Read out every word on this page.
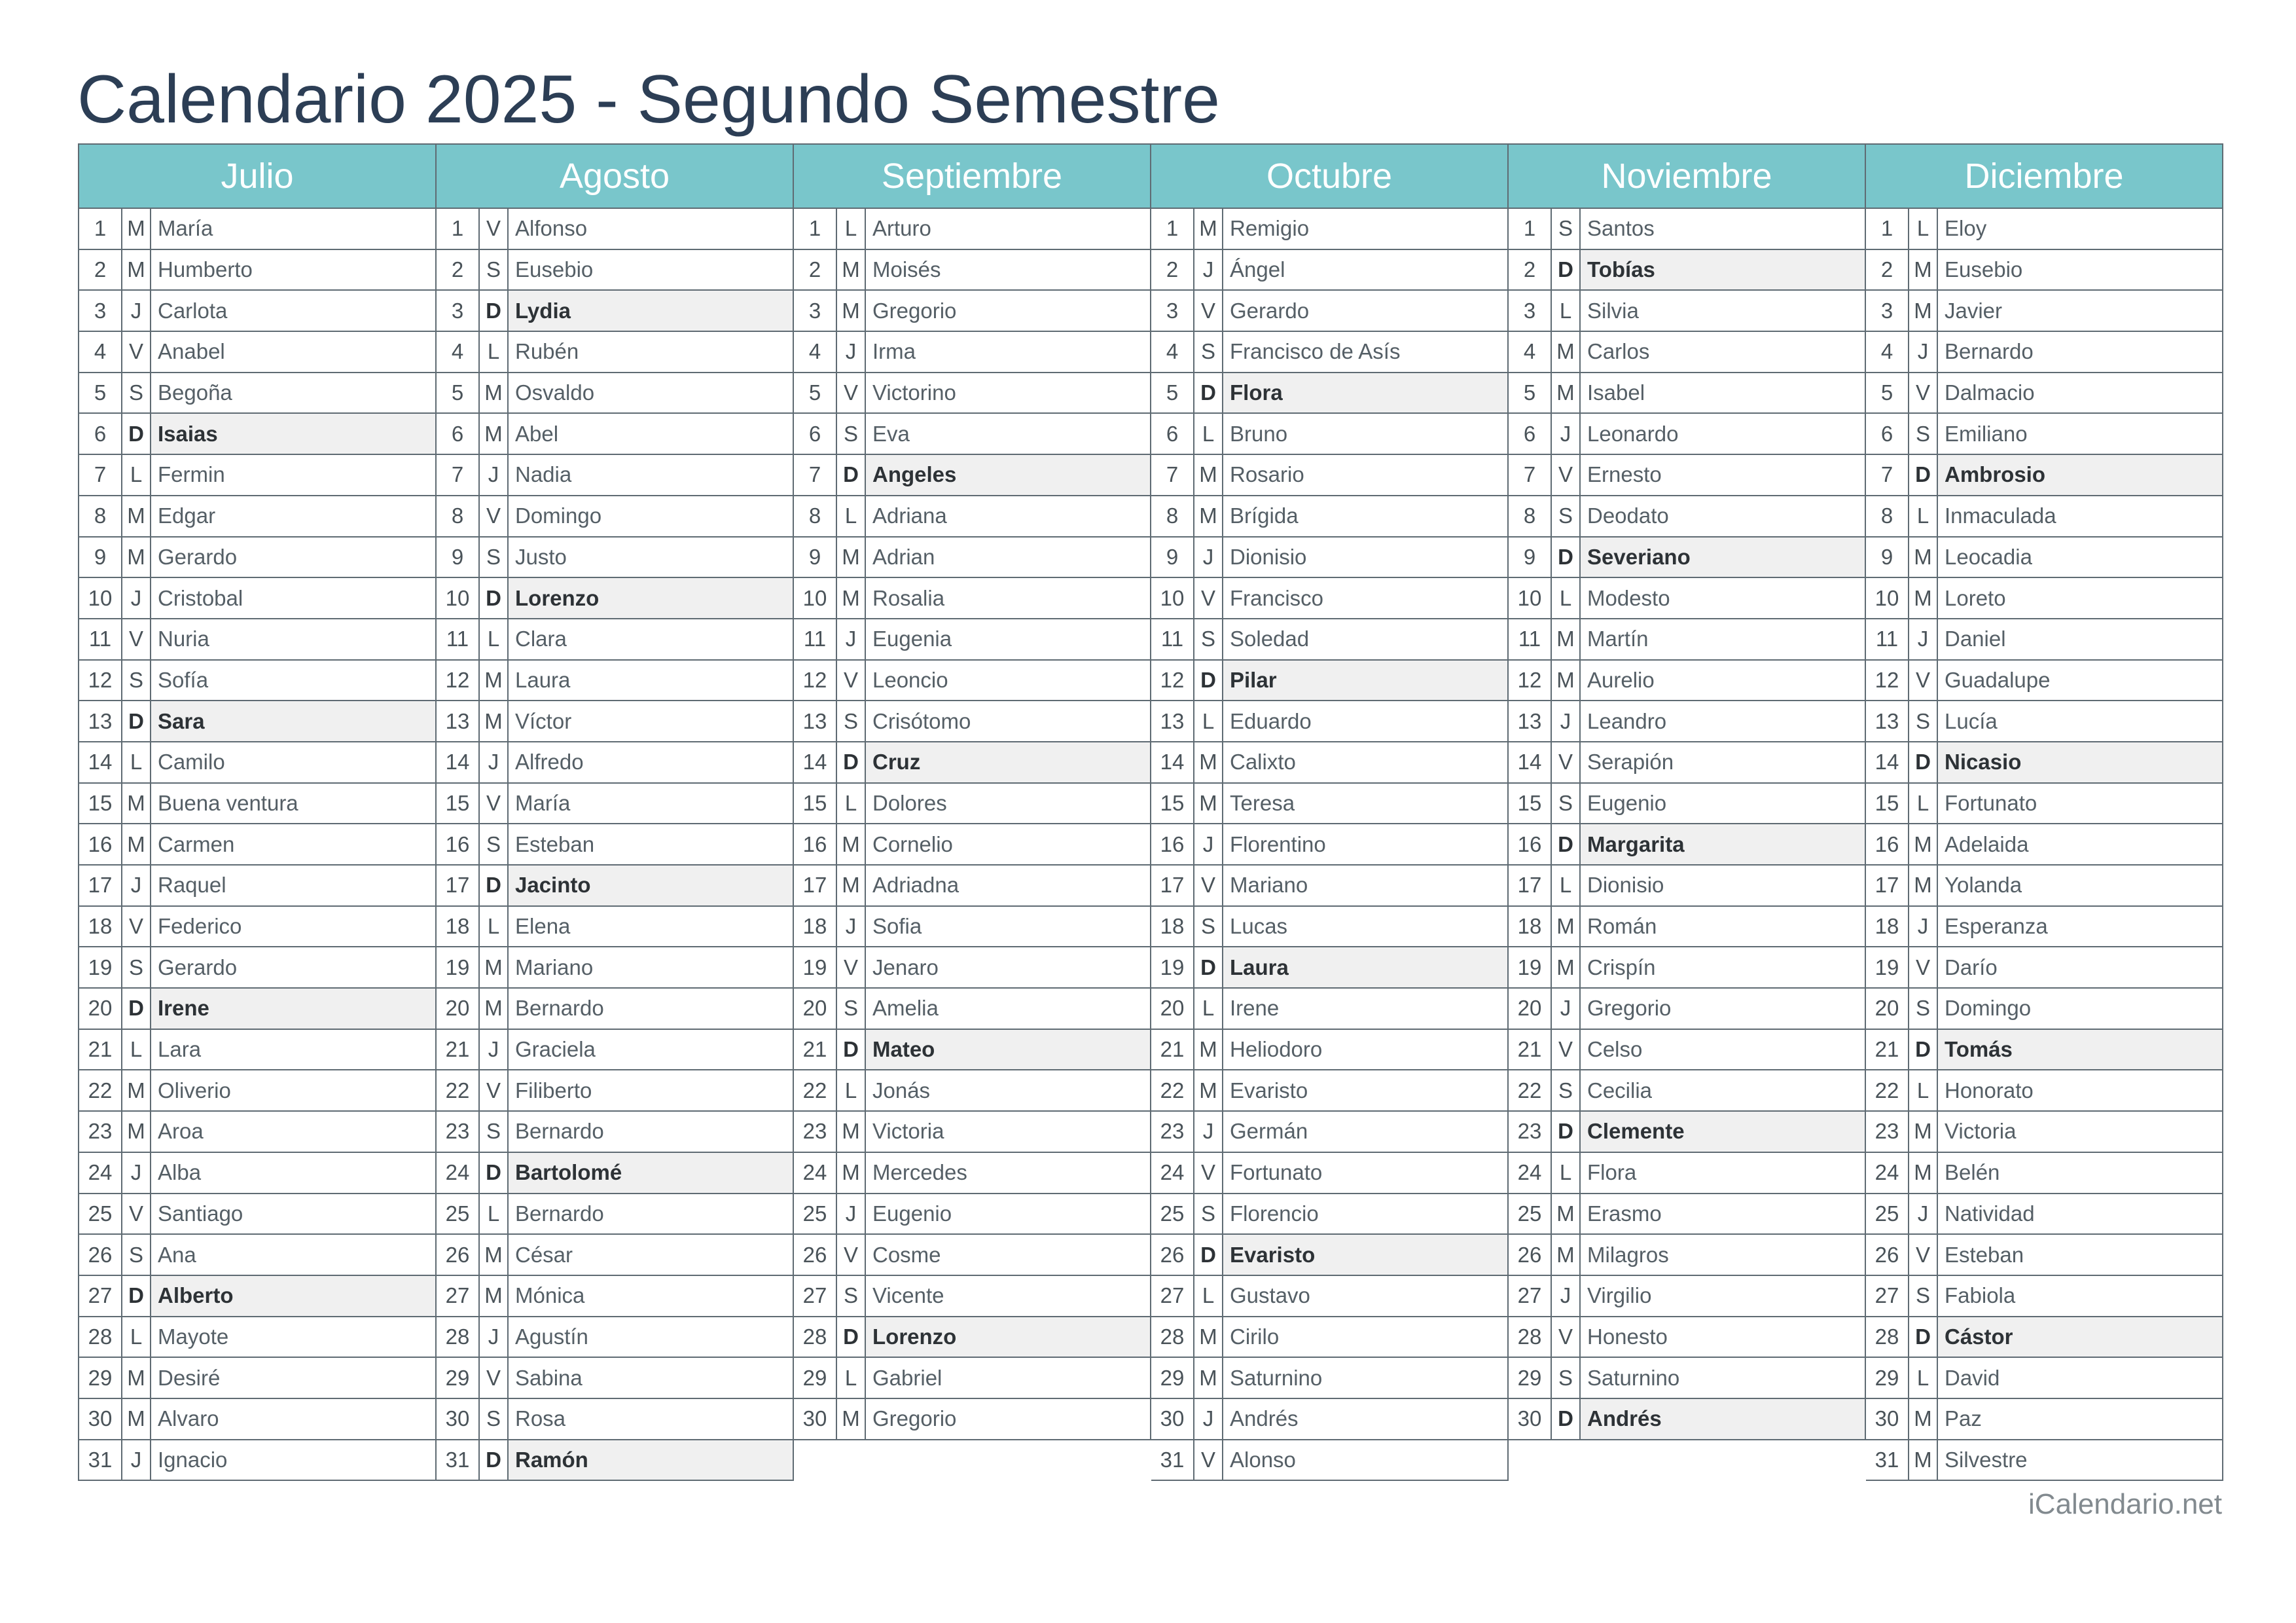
Calendario 2025 - Segundo Semestre
Julio
1 M María
2 M Humberto
3	J Carlota
4	V Anabel
5	S Begoña
6	D Isaias
7	L Fermin
8 M Edgar
9 M Gerardo
10 J Cristobal
11 V Nuria
12 S Sofía
13 D Sara
14 L Camilo
15 M Buena ventura
16 M Carmen
17 J Raquel
18 V Federico
19 S Gerardo
20 D Irene
21 L Lara
22 M Oliverio
23 M Aroa
24 J Alba
25 V Santiago
26 S Ana
27 D Alberto
28 L Mayote
29 M Desiré
30 M Alvaro
31 J Ignacio
Agosto
1	V Alfonso
2	S Eusebio
3	D Lydia
4	L Rubén
5 M Osvaldo
6 M Abel
7	J Nadia
8	V Domingo
9	S Justo
10 D Lorenzo
11 L Clara
12 M Laura
13 M Víctor
14 J Alfredo
15 V María
16 S Esteban
17 D Jacinto
18 L Elena
19 M Mariano
20 M Bernardo
21 J Graciela
22 V Filiberto
23 S Bernardo
24 D Bartolomé
25 L Bernardo
26 M César
27 M Mónica
28 J Agustín
29 V Sabina
30 S Rosa
31 D Ramón
Septiembre
1	L Arturo
2 M Moisés
3 M Gregorio
4	J Irma
5	V Victorino
6	S Eva
7	D Angeles
8	L Adriana
9 M Adrian
10 M Rosalia
11 J Eugenia
12 V Leoncio
13 S Crisótomo
14 D Cruz
15 L Dolores
16 M Cornelio
17 M Adriadna
18 J Sofia
19 V Jenaro
20 S Amelia
21 D Mateo
22 L Jonás
23 M Victoria
24 M Mercedes
25 J Eugenio
26 V Cosme
27 S Vicente
28 D Lorenzo
29 L Gabriel
30 M Gregorio
Octubre
1 M Remigio
2	J Ángel
3	V Gerardo
4	S Francisco de Asís
5	D Flora
6	L Bruno
7 M Rosario
8 M Brígida
9	J Dionisio
10 V Francisco
11 S Soledad
12 D Pilar
13 L Eduardo
14 M Calixto
15 M Teresa
16 J Florentino
17 V Mariano
18 S Lucas
19 D Laura
20 L Irene
21 M Heliodoro
22 M Evaristo
23 J Germán
24 V Fortunato
25 S Florencio
26 D Evaristo
27 L Gustavo
28 M Cirilo
29 M Saturnino
30 J Andrés
31 V Alonso
Noviembre
1	S Santos
2	D Tobías
3	L Silvia
4 M Carlos
5 M Isabel
6	J Leonardo
7	V Ernesto
8	S Deodato
9	D Severiano
10 L Modesto
11 M Martín
12 M Aurelio
13 J Leandro
14 V Serapión
15 S Eugenio
16 D Margarita
17 L Dionisio
18 M Román
19 M Crispín
20 J Gregorio
21 V Celso
22 S Cecilia
23 D Clemente
24 L Flora
25 M Erasmo
26 M Milagros
27 J Virgilio
28 V Honesto
29 S Saturnino
30 D Andrés
Diciembre
1	L Eloy
2 M Eusebio
3 M Javier
4	J Bernardo
5	V Dalmacio
6	S Emiliano
7	D Ambrosio
8	L Inmaculada
9 M Leocadia
10 M Loreto
11 J Daniel
12 V Guadalupe
13 S Lucía
14 D Nicasio
15 L Fortunato
16 M Adelaida
17 M Yolanda
18 J Esperanza
19 V Darío
20 S Domingo
21 D Tomás
22 L Honorato
23 M Victoria
24 M Belén
25 J Natividad
26 V Esteban
27 S Fabiola
28 D Cástor
29 L David
30 M Paz
31 M Silvestre
iCalendario.net
